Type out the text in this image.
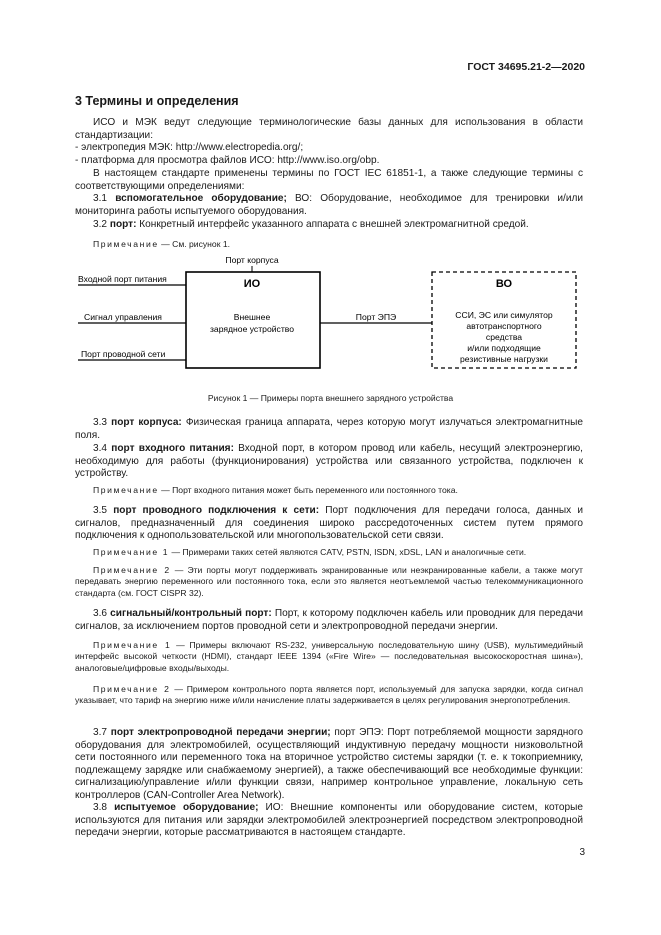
ГОСТ 34695.21-2—2020
3 Термины и определения

ИСО и МЭК ведут следующие терминологические базы данных для использования в области стандартизации:

- электропедия МЭК: http://www.electropedia.org/;

- платформа для просмотра файлов ИСО: http://www.iso.org/obp.

В настоящем стандарте применены термины по ГОСТ IEC 61851-1, а также следующие термины с соответствующими определениями:

3.1 вспомогательное оборудование; ВО: Оборудование, необходимое для тренировки и/или мониторинга работы испытуемого оборудования.

3.2 порт: Конкретный интерфейс указанного аппарата с внешней электромагнитной средой.

Примечание — См. рисунок 1.

Порт корпуса
ИО
Внешнее
зарядное устройство
Входной порт питания
Сигнал управления
Порт проводной сети
Порт ЭПЭ
ВО
ССИ, ЭС или симулятор
автотранспортного
средства
и/или подходящие
резистивные нагрузки
Рисунок 1 — Примеры порта внешнего зарядного устройства

3.3 порт корпуса: Физическая граница аппарата, через которую могут излучаться электромагнитные поля.

3.4 порт входного питания: Входной порт, в котором провод или кабель, несущий электроэнергию, необходимую для работы (функционирования) устройства или связанного устройства, подключен к устройству.

Примечание — Порт входного питания может быть переменного или постоянного тока.

3.5 порт проводного подключения к сети: Порт подключения для передачи голоса, данных и сигналов, предназначенный для соединения широко рассредоточенных систем путем прямого подключения к однопользовательской или многопользовательской сети связи.

Примечание 1 — Примерами таких сетей являются CATV, PSTN, ISDN, xDSL, LAN и аналогичные сети.

Примечание 2 — Эти порты могут поддерживать экранированные или неэкранированные кабели, а также могут передавать энергию переменного или постоянного тока, если это является неотъемлемой частью телекоммуникационного стандарта (см. ГОСТ CISPR 32).

3.6 сигнальный/контрольный порт: Порт, к которому подключен кабель или проводник для передачи сигналов, за исключением портов проводной сети и электропроводной передачи энергии.

Примечание 1 — Примеры включают RS-232, универсальную последовательную шину (USB), мультимедийный интерфейс высокой четкости (HDMI), стандарт IEEE 1394 («Fire Wire» — последовательная высокоскоростная шина»), аналоговые/цифровые входы/выходы.

Примечание 2 — Примером контрольного порта является порт, используемый для запуска зарядки, когда сигнал указывает, что тариф на энергию ниже и/или начисление платы задерживается в целях регулирования энергопотребления.

3.7 порт электропроводной передачи энергии; порт ЭПЭ: Порт потребляемой мощности зарядного оборудования для электромобилей, осуществляющий индуктивную передачу мощности низковольтной сети постоянного или переменного тока на вторичное устройство системы зарядки (т. е. к токоприемнику, подлежащему зарядке или снабжаемому энергией), а также обеспечивающий все необходимые функции: сигнализацию/управление и/или функции связи, например контрольное управление, локальную сеть контроллеров (CAN-Controller Area Network).

3.8 испытуемое оборудование; ИО: Внешние компоненты или оборудование систем, которые используются для питания или зарядки электромобилей электроэнергией посредством электропроводной передачи энергии, которые рассматриваются в настоящем стандарте.

3
